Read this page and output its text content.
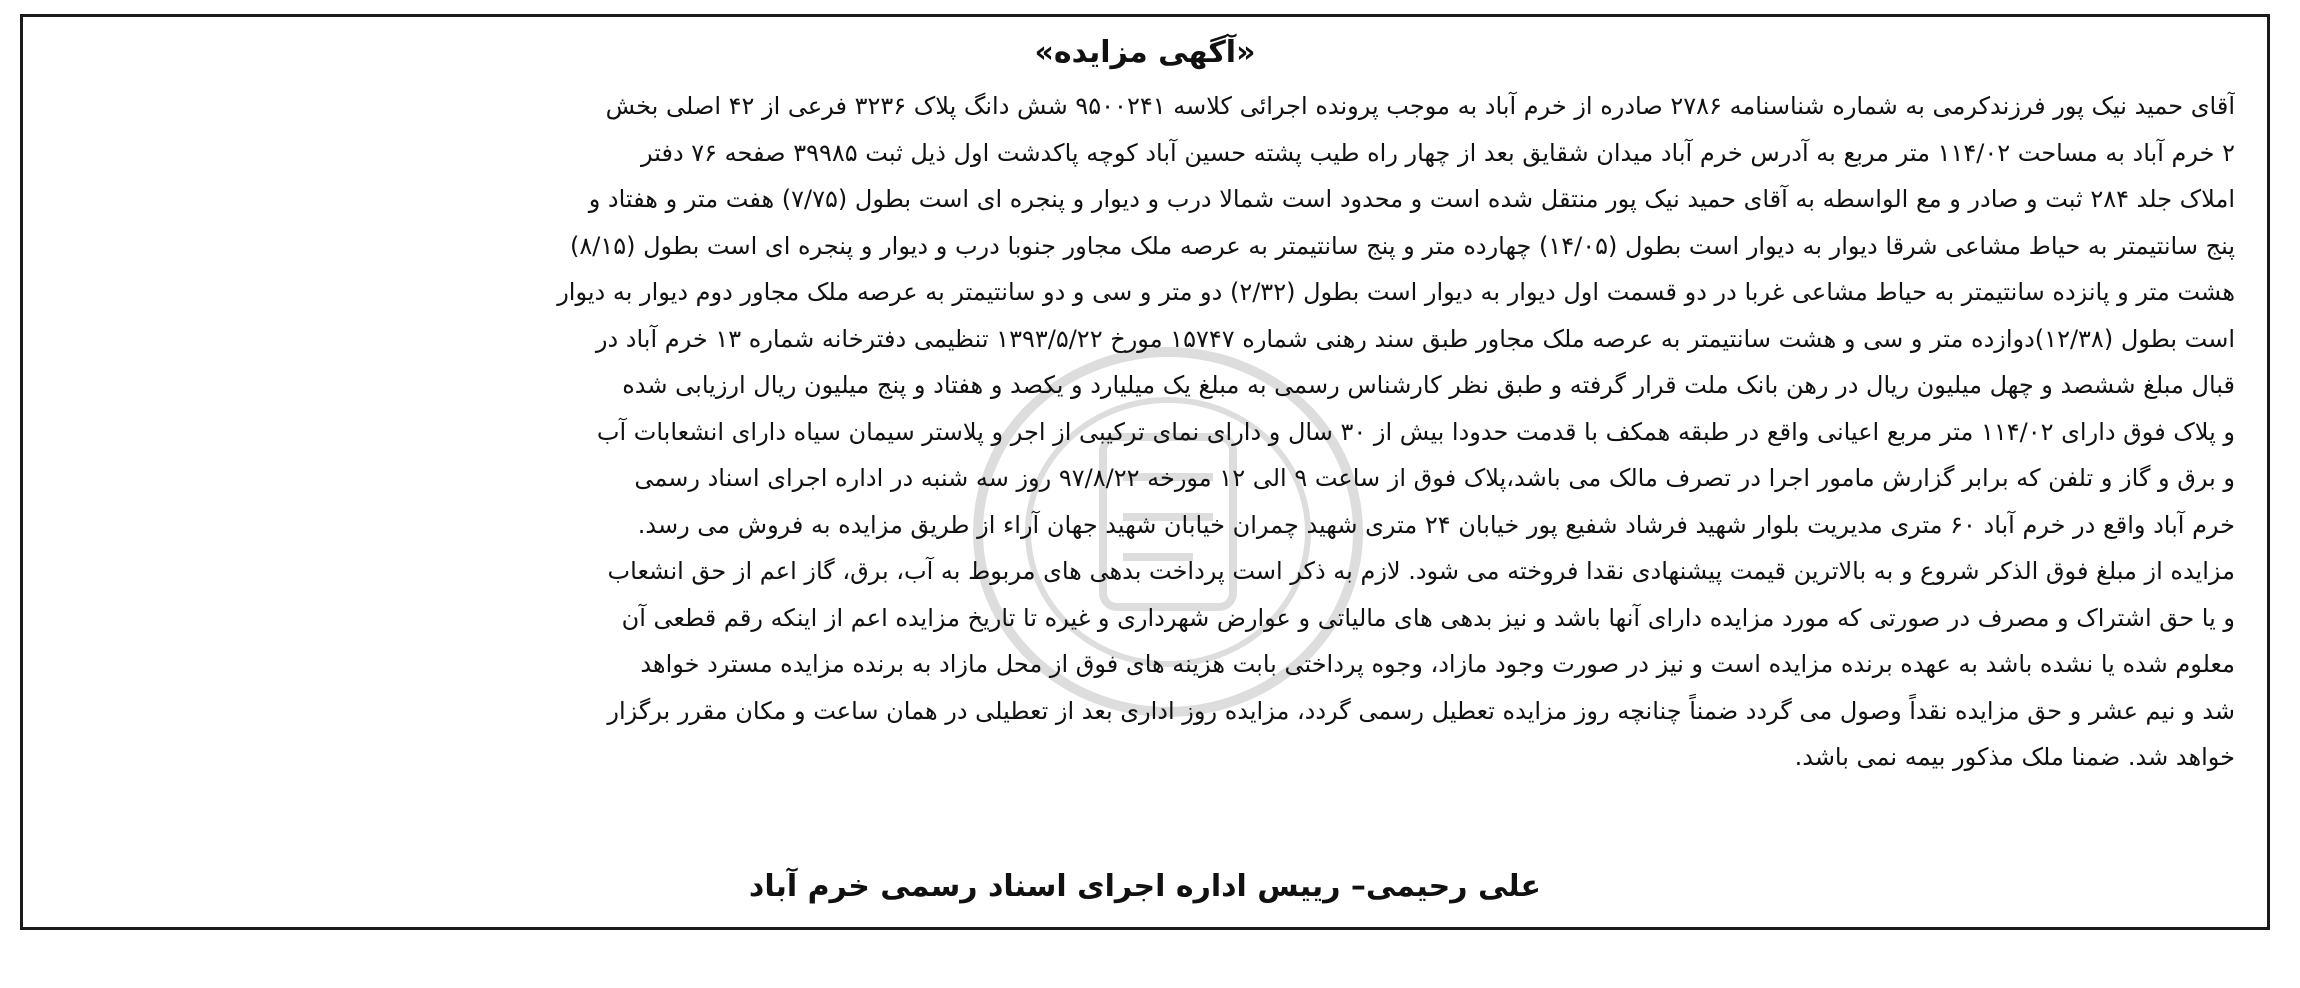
«آگهی مزایده»
آقای حمید نیک پور فرزندکرمی به شماره شناسنامه ۲۷۸۶ صادره از خرم آباد به موجب پرونده اجرائی کلاسه ۹۵۰۰۲۴۱ شش دانگ پلاک ۳۲۳۶ فرعی از ۴۲ اصلی بخش
۲ خرم آباد به مساحت ۱۱۴/۰۲ متر مربع به آدرس خرم آباد میدان شقایق بعد از چهار راه طیب پشته حسین آباد کوچه پاکدشت اول ذیل ثبت ۳۹۹۸۵ صفحه ۷۶ دفتر
املاک جلد ۲۸۴ ثبت و صادر و مع الواسطه به آقای حمید نیک پور منتقل شده است و محدود است شمالا درب و دیوار و پنجره ای است بطول (۷/۷۵) هفت متر و هفتاد و
پنج سانتیمتر به حیاط مشاعی شرقا دیوار به دیوار است بطول (۱۴/۰۵) چهارده متر و پنج سانتیمتر به عرصه ملک مجاور جنوبا درب و دیوار و پنجره ای است بطول (۸/۱۵)
هشت متر و پانزده سانتیمتر به حیاط مشاعی غربا در دو قسمت اول دیوار به دیوار است بطول (۲/۳۲) دو متر و سی و دو سانتیمتر به عرصه ملک مجاور دوم دیوار به دیوار
است بطول (۱۲/۳۸)دوازده متر و سی و هشت سانتیمتر به عرصه ملک مجاور طبق سند رهنی شماره ۱۵۷۴۷ مورخ ۱۳۹۳/۵/۲۲ تنظیمی دفترخانه شماره ۱۳ خرم آباد در
قبال مبلغ ششصد و چهل میلیون ریال در رهن بانک ملت قرار گرفته و طبق نظر کارشناس رسمی به مبلغ یک میلیارد و یکصد و هفتاد و پنج میلیون ریال ارزیابی شده
و پلاک فوق دارای ۱۱۴/۰۲ متر مربع اعیانی واقع در طبقه همکف با قدمت حدودا بیش از ۳۰ سال و دارای نمای ترکیبی از اجر و پلاستر سیمان سیاه دارای انشعابات آب
و برق و گاز و تلفن که برابر گزارش مامور اجرا در تصرف مالک می باشد،پلاک فوق از ساعت ۹ الی ۱۲ مورخه ۹۷/۸/۲۲ روز سه شنبه در اداره اجرای اسناد رسمی
خرم آباد واقع در خرم آباد ۶۰ متری مدیریت بلوار شهید فرشاد شفیع پور خیابان ۲۴ متری شهید چمران خیابان شهید جهان آراء از طریق مزایده به فروش می رسد.
مزایده از مبلغ فوق الذکر شروع و به بالاترین قیمت پیشنهادی نقدا فروخته می شود. لازم به ذکر است پرداخت بدهی های مربوط به آب، برق، گاز اعم از حق انشعاب
و یا حق اشتراک و مصرف در صورتی که مورد مزایده دارای آنها باشد و نیز بدهی های مالیاتی و عوارض شهرداری و غیره تا تاریخ مزایده اعم از اینکه رقم قطعی آن
معلوم شده یا نشده باشد به عهده برنده مزایده است و نیز در صورت وجود مازاد، وجوه پرداختی بابت هزینه های فوق از محل مازاد به برنده مزایده مسترد خواهد
شد و نیم عشر و حق مزایده نقداً وصول می گردد ضمناً چنانچه روز مزایده تعطیل رسمی گردد، مزایده روز اداری بعد از تعطیلی در همان ساعت و مکان مقرر برگزار
خواهد شد. ضمنا ملک مذکور بیمه نمی باشد.
علی رحیمی– رییس اداره اجرای اسناد رسمی خرم آباد
